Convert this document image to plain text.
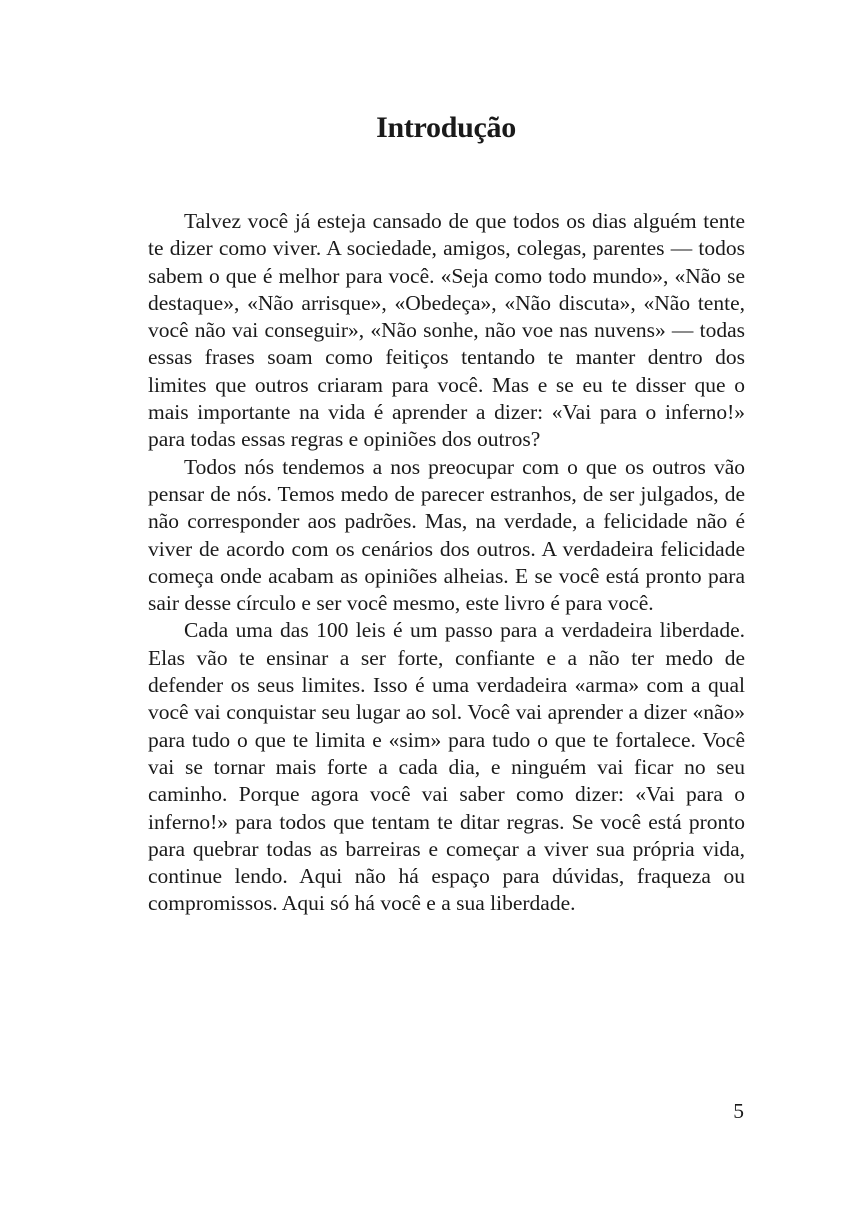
Introdução

Talvez você já esteja cansado de que todos os dias alguém tente te dizer como viver. A sociedade, amigos, colegas, parentes — todos sabem o que é melhor para você. «Seja como todo mundo», «Não se destaque», «Não arrisque», «Obedeça», «Não discuta», «Não tente, você não vai conseguir», «Não sonhe, não voe nas nuvens» — todas essas frases soam como feitiços tentando te manter dentro dos limites que outros criaram para você. Mas e se eu te disser que o mais importante na vida é aprender a dizer: «Vai para o inferno!» para todas essas regras e opiniões dos outros?

Todos nós tendemos a nos preocupar com o que os outros vão pensar de nós. Temos medo de parecer estranhos, de ser julgados, de não corresponder aos padrões. Mas, na verdade, a felicidade não é viver de acordo com os cenários dos outros. A verdadeira felicidade começa onde acabam as opiniões alheias. E se você está pronto para sair desse círculo e ser você mesmo, este livro é para você.

Cada uma das 100 leis é um passo para a verdadeira liberdade. Elas vão te ensinar a ser forte, confiante e a não ter medo de defender os seus limites. Isso é uma verdadeira «arma» com a qual você vai conquistar seu lugar ao sol. Você vai aprender a dizer «não» para tudo o que te limita e «sim» para tudo o que te fortalece. Você vai se tornar mais forte a cada dia, e ninguém vai ficar no seu caminho. Porque agora você vai saber como dizer: «Vai para o inferno!» para todos que tentam te ditar regras. Se você está pronto para quebrar todas as barreiras e começar a viver sua própria vida, continue lendo. Aqui não há espaço para dúvidas, fraqueza ou compromissos. Aqui só há você e a sua liberdade.

5
